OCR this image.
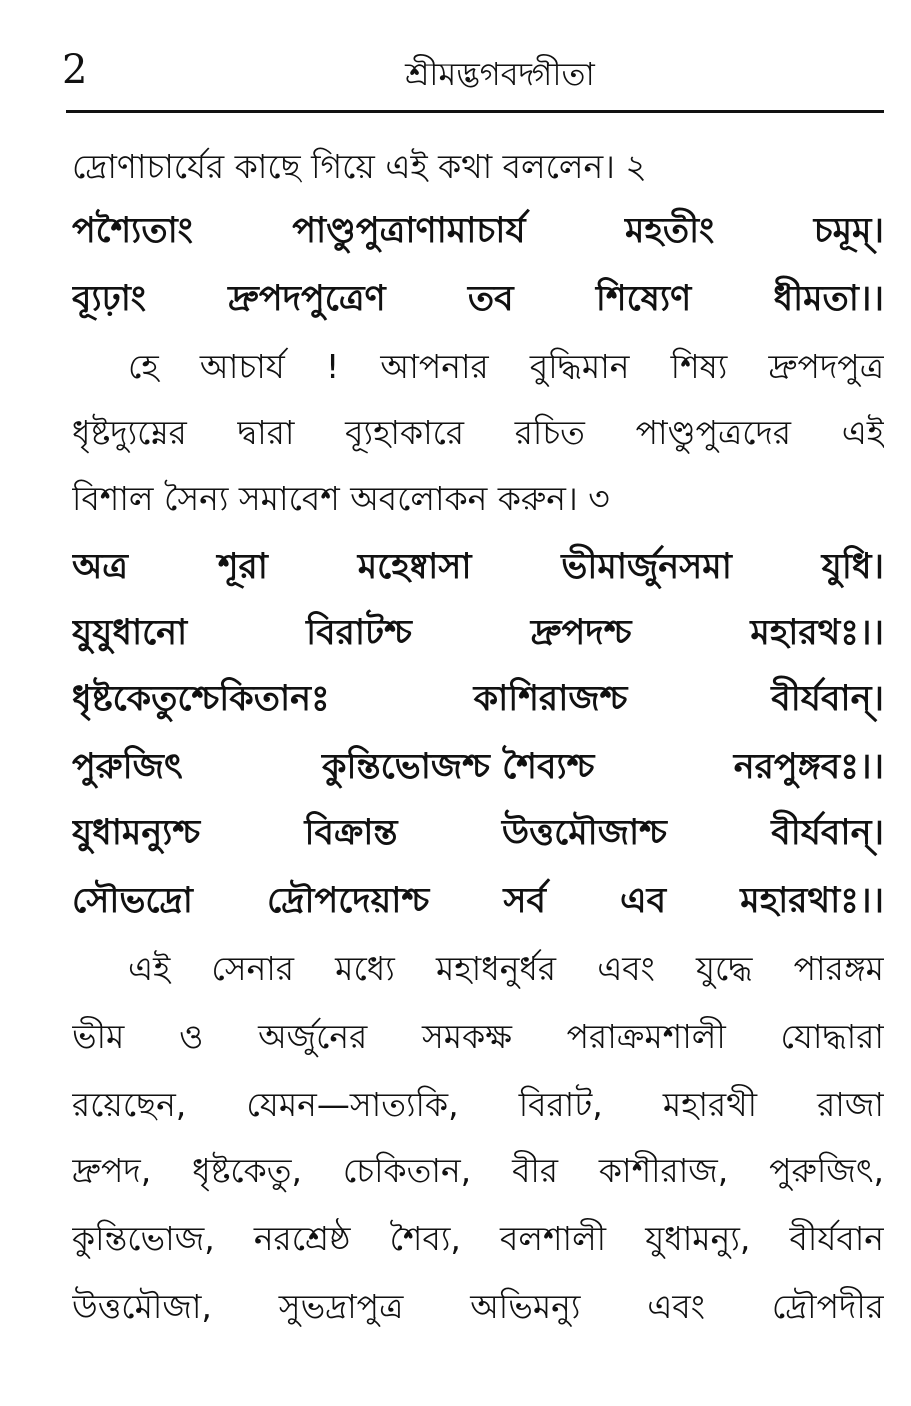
2	শ্রীমদ্ভগবদ্গীতা
দ্রোণাচার্যের কাছে গিয়ে এই কথা বললেন। ২
পশ্যৈতাং	পাণ্ডুপুত্রাণামাচার্য	মহতীং	চমূম্‌।
ব্যূঢ়াং দ্রুপদপুত্রেণ তব শিষ্যেণ ধীমতা।।
হে আচার্য ! আপনার বুদ্ধিমান শিষ্য দ্রুপদপুত্র
ধৃষ্টদ্যুম্নের দ্বারা ব্যূহাকারে রচিত পাণ্ডুপুত্রদের এই
বিশাল সৈন্য সমাবেশ অবলোকন করুন। ৩
অত্র	শূরা	মহেষ্বাসা	ভীমার্জুনসমা	যুধি।
যুযুধানো	বিরাটশ্চ	দ্রুপদশ্চ	মহারথঃ।।
ধৃষ্টকেতুশ্চেকিতানঃ	কাশিরাজশ্চ	বীর্যবান্‌।
পুরুজিৎ	কুন্তিভোজশ্চ শৈব্যশ্চ	নরপুঙ্গবঃ।।
যুধামন্যুশ্চ	বিক্রান্ত	উত্তমৌজাশ্চ	বীর্যবান্‌।
সৌভদ্রো দ্রৌপদেয়াশ্চ সর্ব এব মহারথাঃ।।
এই সেনার মধ্যে মহাধনুর্ধর এবং যুদ্ধে পারঙ্গম
ভীম ও অর্জুনের সমকক্ষ পরাক্রমশালী যোদ্ধারা
রয়েছেন, যেমন—সাত্যকি, বিরাট, মহারথী রাজা
দ্রুপদ, ধৃষ্টকেতু, চেকিতান, বীর কাশীরাজ, পুরুজিৎ,
কুন্তিভোজ, নরশ্রেষ্ঠ শৈব্য, বলশালী যুধামন্যু, বীর্যবান
উত্তমৌজা, সুভদ্রাপুত্র অভিমন্যু এবং দ্রৌপদীর
